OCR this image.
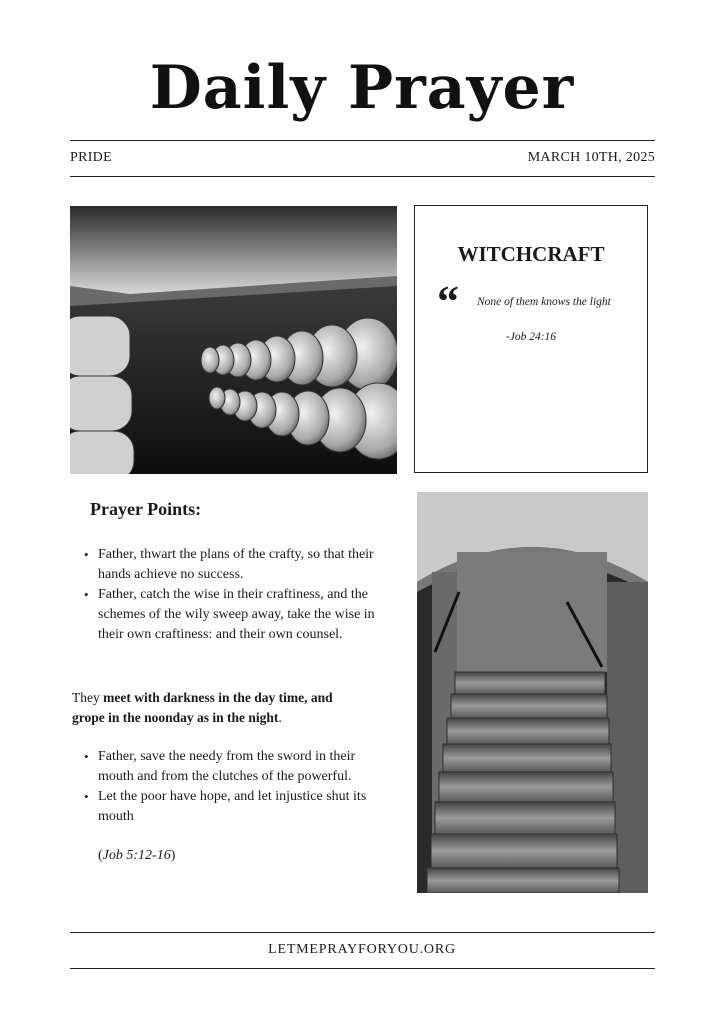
Daily Prayer
PRIDE	MARCH 10TH, 2025
WITCHCRAFT
“ None of them knows the light
-Job 24:16
Prayer Points:
• Father, thwart the plans of the crafty, so that their hands achieve no success.
• Father, catch the wise in their craftiness, and the schemes of the wily sweep away, take the wise in their own craftiness: and their own counsel.
They meet with darkness in the day time, and grope in the noonday as in the night.
• Father, save the needy from the sword in their mouth and from the clutches of the powerful.
• Let the poor have hope, and let injustice shut its mouth
(Job 5:12-16)
LETMEPRAYFORYOU.ORG
